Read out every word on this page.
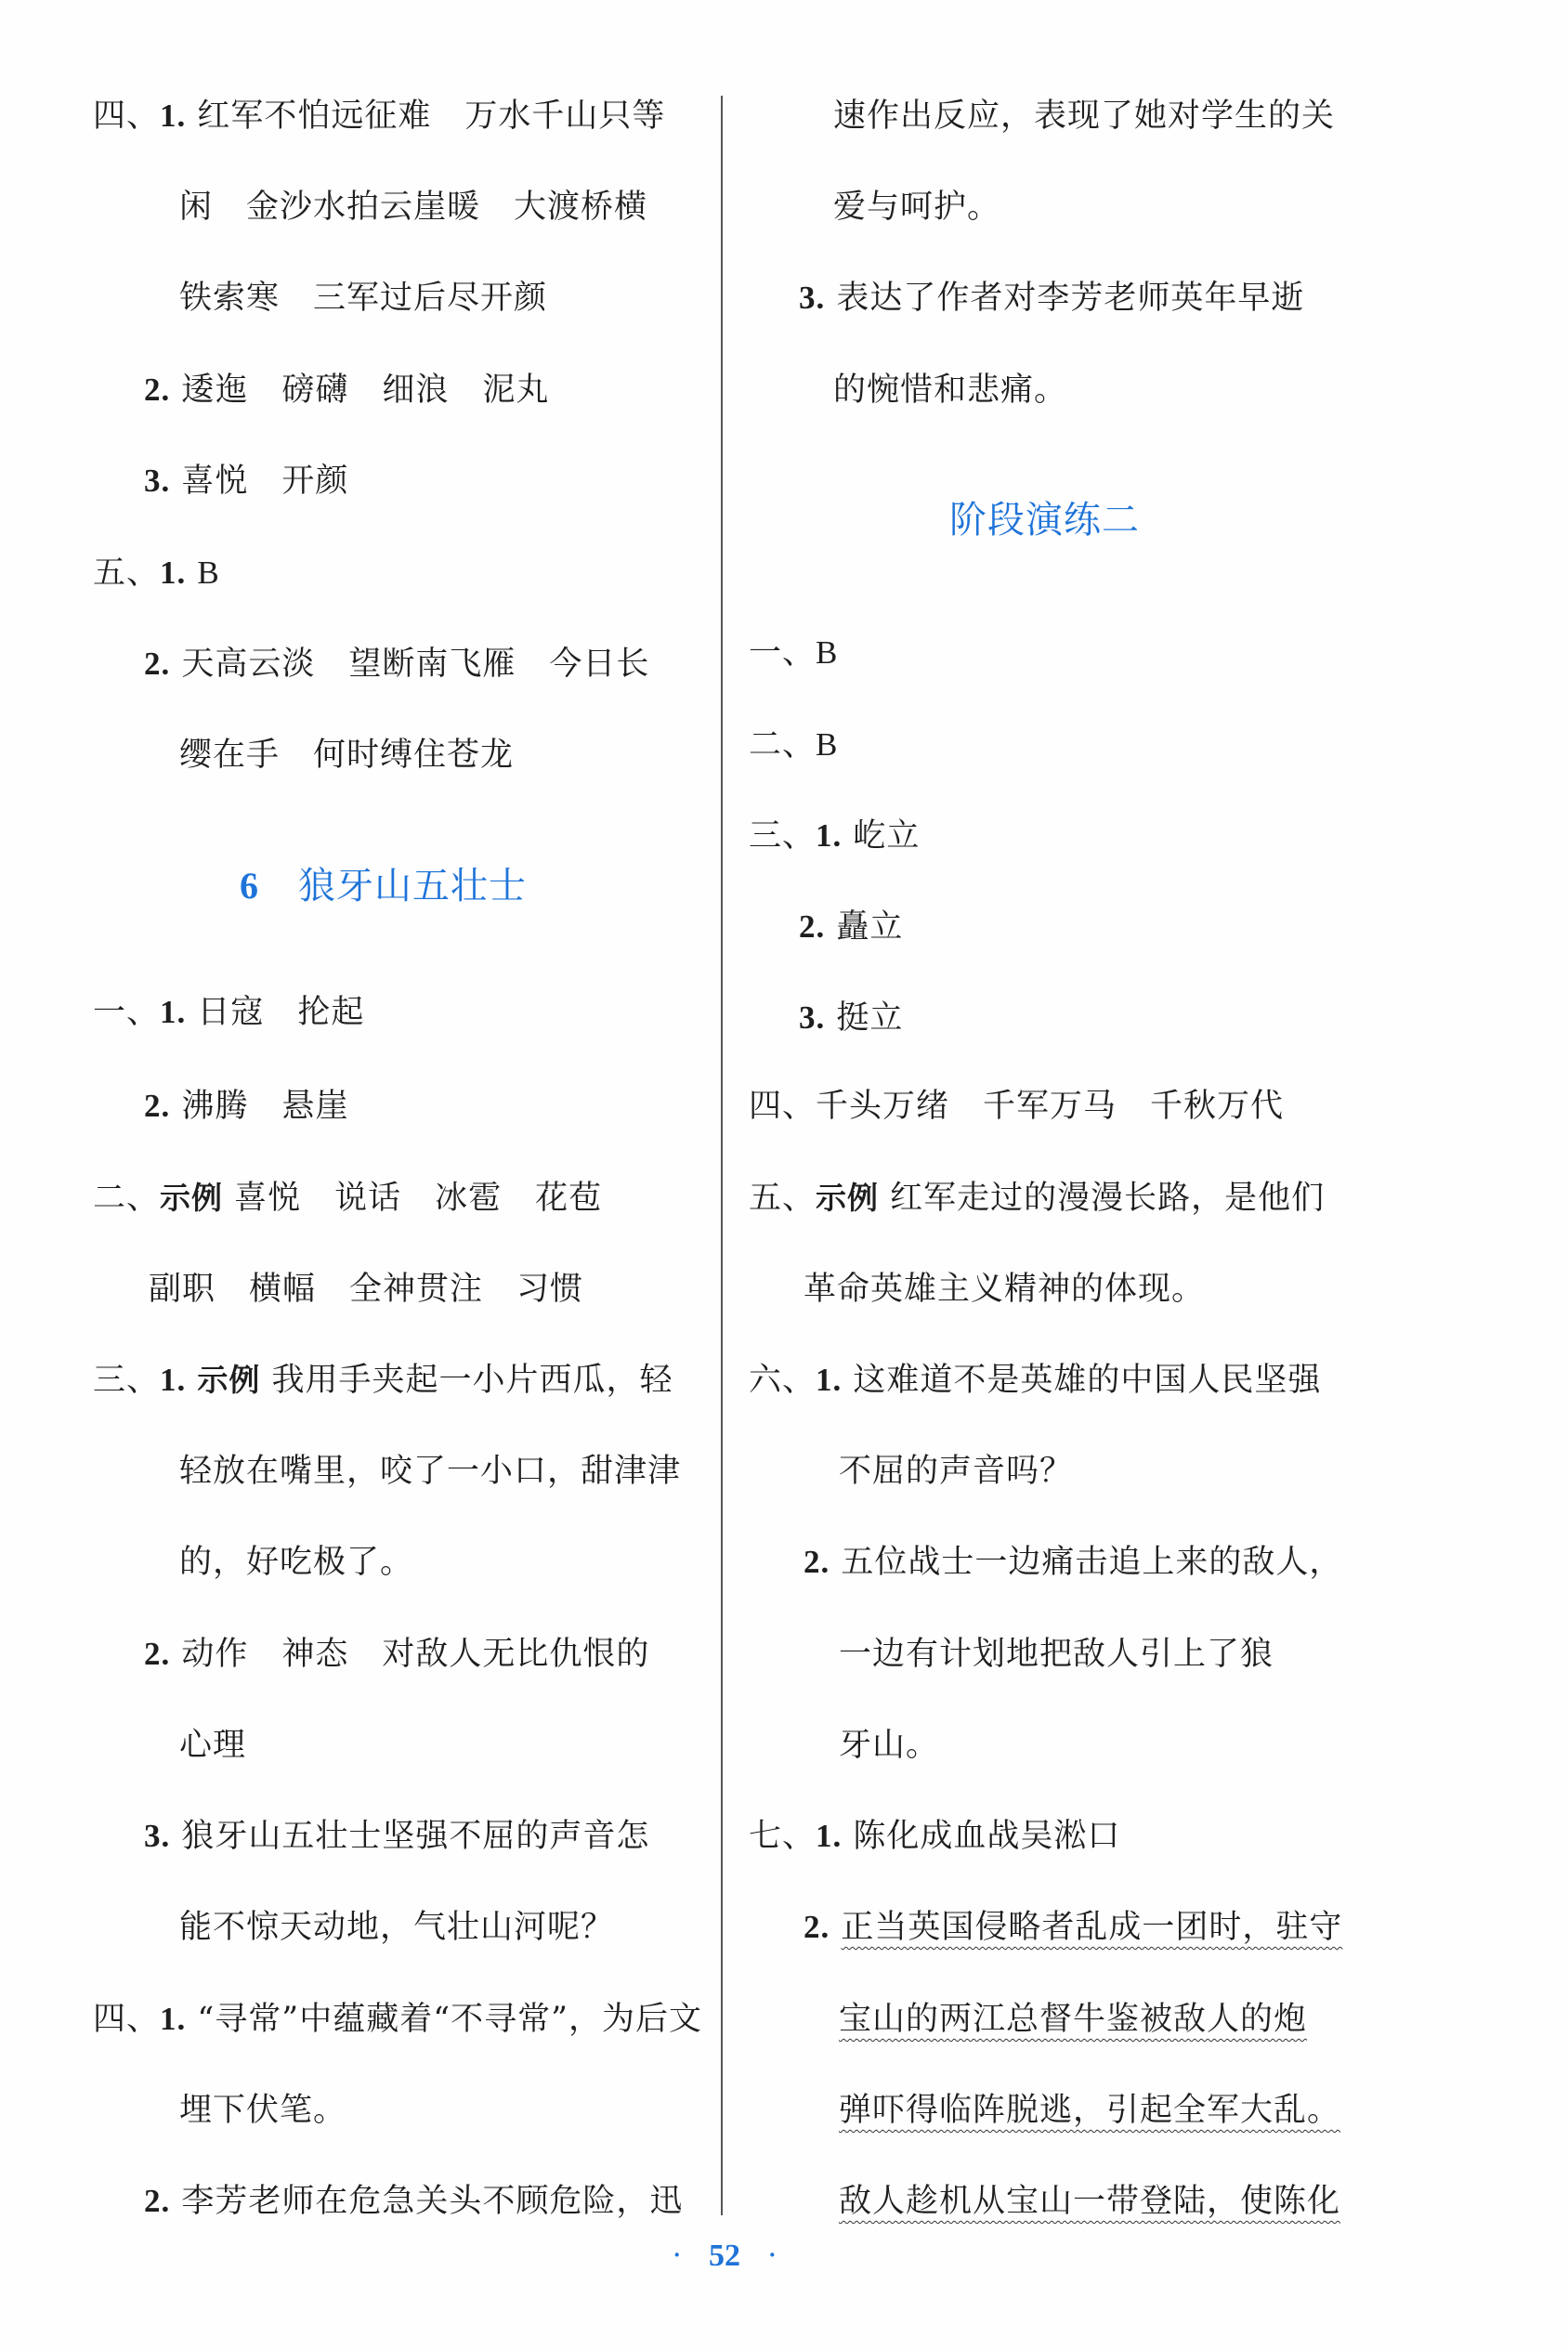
四、1. 红军不怕远征难　万水千山只等
闲　金沙水拍云崖暖　大渡桥横
铁索寒　三军过后尽开颜
2. 逶迤　磅礴　细浪　泥丸
3. 喜悦　开颜
五、1. B
2. 天高云淡　望断南飞雁　今日长
缨在手　何时缚住苍龙
6 狼牙山五壮士
一、1. 日寇　抡起
2. 沸腾　悬崖
二、示例 喜悦　说话　冰雹　花苞
副职　横幅　全神贯注　习惯
三、1. 示例 我用手夹起一小片西瓜，轻
轻放在嘴里，咬了一小口，甜津津
的，好吃极了。
2. 动作　神态　对敌人无比仇恨的
心理
3. 狼牙山五壮士坚强不屈的声音怎
能不惊天动地，气壮山河呢？
四、1. “寻常”中蕴藏着“不寻常”，为后文
埋下伏笔。
2. 李芳老师在危急关头不顾危险，迅
速作出反应，表现了她对学生的关
爱与呵护。
3. 表达了作者对李芳老师英年早逝
的惋惜和悲痛。
阶段演练二
一、B
二、B
三、1. 屹立
2. 矗立
3. 挺立
四、千头万绪　千军万马　千秋万代
五、示例 红军走过的漫漫长路，是他们
革命英雄主义精神的体现。
六、1. 这难道不是英雄的中国人民坚强
不屈的声音吗？
2. 五位战士一边痛击追上来的敌人，
一边有计划地把敌人引上了狼
牙山。
七、1. 陈化成血战吴淞口
2. 正当英国侵略者乱成一团时，驻守
宝山的两江总督牛鉴被敌人的炮
弹吓得临阵脱逃，引起全军大乱。
敌人趁机从宝山一带登陆，使陈化
· 52 ·
